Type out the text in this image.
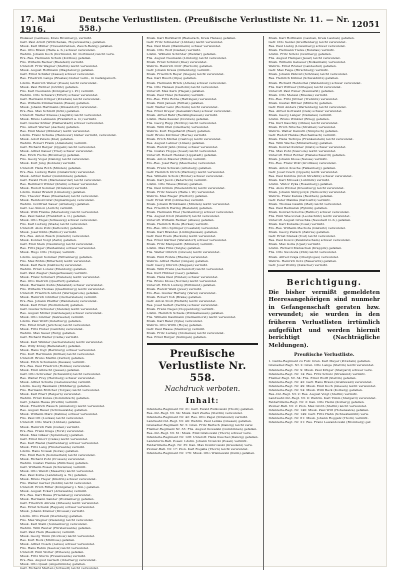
17. Mai 1916.
Deutsche Verlustlisten. (Preußische Verlustliste Nr. 11. — Nr. 558.)	12051
Elsässer (Lenhaus, Kreis Bromberg), vermißt.
Gefr. Paul Arndt (Wittichenau, Hoyerswerda), gefallen.
Musk. Karl Müller (Treuenbrietzen, Zauch-Belzig) gefallen.
Res. Otto Braun (Halle a. S.) schwer verwundet.
Wehrm. Johann Koch (Dortmund, Kr. Dortmund) leicht verw.
Ers.-Res. Hermann Schulz (Kottbus) gefallen.
Füs. Wilhelm Becker (Bielefeld) vermißt.
Unteroff. Fritz Wagner (Stettin) leicht verwundet.
Musk. August Hoffmann (Magdeburg) gefallen.
Gefr. Ernst Schäfer (Kassel) schwer verwundet.
Res. Friedrich Lange (Breslau) bisher verm., in Gefangensch.
Ldstm. Heinrich Weber (Posen) leicht verwundet.
Musk. Paul Richter (Görlitz) gefallen.
Füs. Karl Neumann (Königsberg i. Pr.) vermißt.
Wehrm. Otto Schwarz (Erfurt) schwer verwundet.
Gefr. Hermann Krüger (Potsdam) leicht verwundet.
Res. Wilhelm Zimmermann (Essen) gefallen.
Musk. Johann Hartmann (Düsseldorf) verwundet.
Ers.-Res. Max Schmitt (Köln) gefallen.
Unteroff. Walter Krause (Liegnitz) leicht verwundet.
Musk. Bruno Lehmann (Frankfurt a. O.) vermißt.
Gefr. Gustav Köhler (Halberstadt) schwer verwundet.
Füs. Albert Werner (Aachen) gefallen.
Res. Emil Meier (Münster) leicht verwundet.
Ldstm. Franz Schulze (Hannover) bisher vermißt, verwundet.
Musk. Adolf Peters (Kiel) gefallen.
Wehrm. Robert Frank (Allenstein) vermißt.
Gefr. Richard Berger (Oppeln) leicht verwundet.
Musk. Alfred Kaiser (Trier) schwer verwundet.
Res. Erich Fuchs (Bromberg) gefallen.
Füs. Georg Vogel (Danzig) leicht verwundet.
Musk. Kurt Jung (Koblenz) vermißt.
Unteroff. Hans Roth (Minden) gefallen.
Ers.-Res. Ludwig Hahn (Osnabrück) verwundet.
Musk. Arthur Keller (Gumbinnen) gefallen.
Gefr. Ewald Horn (Marienwerder) leicht verwundet.
Res. Bernhard Winter (Köslin) schwer verwundet.
Musk. Rudolf Sommer (Stralsund) vermißt.
Ldstm. Oskar Brandt (Lüneburg) gefallen.
Füs. Theodor Haas (Wiesbaden) leicht verwundet.
Musk. Reinhold Graf (Sigmaringen) verwundet.
Wehrm. Gottfried Sauer (Arnsberg) gefallen.
Gefr. Leo Simon (Aurich) vermißt.
Musk. Willi Franke (Merseburg) leicht verwundet.
Res. Paul Seidel (Frankfurt a. O.) gefallen.
Musk. Otto Engel (Schleswig) schwer verwundet.
Füs. Karl Ludwig (Stade) leicht verwundet.
Unteroff. Alois Pohl (Kattowitz) gefallen.
Musk. Josef Kühn (Ratibor) vermißt.
Ers.-Res. Anton Busch (Gleiwitz) verwundet.
Musk. Konrad Voigt (Zeitz) gefallen.
Gefr. Emil Stein (Naumburg) leicht verwundet.
Res. Fritz Jäger (Weißenfels) schwer verwundet.
Musk. Hugo Otto (Torgau) vermißt.
Ldstm. August Sommer (Wittenberg) gefallen.
Füs. Max Böhm (Bitterfeld) leicht verwundet.
Musk. Karl Beck (Delitzsch) verwundet.
Wehrm. Ernst Lorenz (Eilenburg) gefallen.
Gefr. Paul Ziegler (Sangerhausen) vermißt.
Musk. Franz Schubert (Eisleben) leicht verwundet.
Res. Otto Dietrich (Querfurt) gefallen.
Musk. Hermann Kuhn (Mansfeld) schwer verwundet.
Füs. Wilhelm Thomas (Quedlinburg) leicht verwundet.
Unteroff. Friedrich Arnold (Wernigerode) gefallen.
Musk. Heinrich Günther (Oschersleben) vermißt.
Ers.-Res. Johann Pfeiffer (Wanzleben) verwundet.
Musk. Karl Ernst (Wolmirstedt) gefallen.
Gefr. Gustav Schuster (Stendal) leicht verwundet.
Res. August Möller (Gardelegen) schwer verwundet.
Musk. Otto Lindner (Salzwedel) vermißt.
Ldstm. Paul Wolff (Osterburg) gefallen.
Füs. Ernst Kraft (Jerichow) leicht verwundet.
Musk. Fritz Huber (Genthin) verwundet.
Wehrm. Max Sauer (Burg) gefallen.
Gefr. Richard Walter (Calbe) vermißt.
Musk. Karl Winkler (Aschersleben) leicht verwundet.
Res. Willy König (Ballenstedt) gefallen.
Musk. Hans Vogt (Bernburg) schwer verwundet.
Füs. Kurt Herrmann (Köthen) leicht verwundet.
Unteroff. Bruno Martin (Zerbst) gefallen.
Musk. Erich Schumann (Dessau) vermißt.
Ers.-Res. Paul Friedrich (Roßlau) verwundet.
Musk. Emil Albrecht (Jessen) gefallen.
Gefr. Otto Schreiber (Schweinitz) leicht verwundet.
Res. Walter Frey (Herzberg) schwer verwundet.
Musk. Alfred Schulte (Liebenwerda) vermißt.
Ldstm. Georg Baumann (Mühlberg) gefallen.
Füs. Hermann Böttcher (Torgau) leicht verwundet.
Musk. Karl Ebert (Belgern) verwundet.
Wehrm. Ernst Kunze (Dommitzsch) gefallen.
Gefr. Johann Hesse (Prettin) vermißt.
Musk. Friedrich Rausch (Annaburg) leicht verwundet.
Res. August Bauer (Schönewalde) gefallen.
Musk. Wilhelm Marx (Dahme) schwer verwundet.
Füs. Paul Ott (Luckau) leicht verwundet.
Unteroff. Otto Stark (Lübben) gefallen.
Musk. Heinrich Falk (Guben) vermißt.
Ers.-Res. Franz Kluge (Forst) verwundet.
Musk. Max Gläser (Spremberg) gefallen.
Gefr. Ernst Knorr (Calau) leicht verwundet.
Res. Karl Riedel (Senftenberg) schwer verwundet.
Musk. Fritz Lang (Finsterwalde) vermißt.
Ldstm. Hans Nowak (Sorau) gefallen.
Füs. Emil Reich (Sommerfeld) leicht verwundet.
Musk. Richard Pohl (Crossen) verwundet.
Wehrm. Gustav Heinze (Züllichau) gefallen.
Gefr. Wilhelm Rosen (Schwiebus) vermißt.
Musk. Otto Wendt (Meseritz) leicht verwundet.
Res. Paul Kolbe (Landsberg a. W.) gefallen.
Musk. Bruno Heyer (Küstrin) schwer verwundet.
Füs. Walter Gerber (Soldin) leicht verwundet.
Unteroff. Erich Ritter (Königsberg i. Nm.) gefallen.
Musk. August Eckert (Arnswalde) vermißt.
Ers.-Res. Karl Busse (Friedeberg) verwundet.
Musk. Hermann Sander (Woldenberg) gefallen.
Gefr. Friedrich Ahrens (Driesen) leicht verwundet.
Res. Ernst Schenk (Reppen) schwer verwundet.
Musk. Johann Kramer (Drossen) vermißt.
Ldstm. Otto Preuß (Sternberg) gefallen.
Füs. Max Wegner (Zielenzig) leicht verwundet.
Musk. Karl Stahl (Sonnenburg) verwundet.
Wehrm. Willi Reuter (Fürstenwalde) gefallen.
Gefr. Paul Hein (Beeskow) vermißt.
Musk. Georg Timm (Storkow) leicht verwundet.
Res. Kurt Bock (Müllrose) gefallen.
Musk. Alfred Noack (Lebus) schwer verwundet.
Füs. Hans Rehm (Seelow) leicht verwundet.
Unteroff. Emil Wolter (Wriezen) gefallen.
Musk. Fritz Sturm (Freienwalde) vermißt.
Ers.-Res. August Gerlach (Oderberg) verwundet.
Musk. Otto Quast (Angermünde) gefallen.
Gefr. Richard Marten (Schwedt) leicht verwundet.
Musk. Karl Burkhardt (Bieberach, Kreis Hanau) gefallen.
Gefr. Fritz Schneider (Lübben) leicht verwundet.
Res. Paul Klein (Mannheim) schwer verwundet.
Musk. Otto Wolf (Gießen) vermißt.
Ldstm. Wilhelm Schröder (Wetzlar) gefallen.
Füs. August Neumann (Limburg) leicht verwundet.
Musk. Ernst Schmid (Diez) verwundet.
Wehrm. Heinrich Dörr (Herborn) gefallen.
Gefr. Johann Kraus (Dillenburg) vermißt.
Musk. Friedrich Beyer (Siegen) leicht verwundet.
Res. Karl Busch (Olpe) gefallen.
Musk. Hermann Brück (Altena) schwer verwundet.
Füs. Otto Hansen (Iserlohn) leicht verwundet.
Unteroff. Max Kern (Hagen) gefallen.
Musk. Paul Thiel (Schwelm) vermißt.
Ers.-Res. Fritz Rothe (Hattingen) verwundet.
Musk. Emil Jansen (Witten) gefallen.
Gefr. Walter Lenz (Bochum) leicht verwundet.
Res. Ernst Dreyer (Gelsenkirchen) schwer verwundet.
Musk. Alfred Bahr (Recklinghausen) vermißt.
Ldstm. Hans Kessler (Dorsten) gefallen.
Füs. Georg Rupp (Bottrop) leicht verwundet.
Musk. Willi Pfeil (Gladbeck) verwundet.
Wehrm. Kurt Engelhardt (Buer) gefallen.
Gefr. Bruno Kirchner (Herne) vermißt.
Musk. Erich Michel (Castrop) leicht verwundet.
Res. August Lehner (Lünen) gefallen.
Musk. Rudolf Jahn (Unna) schwer verwundet.
Füs. Gustav Hoppe (Soest) leicht verwundet.
Unteroff. Robert Henkel (Lippstadt) gefallen.
Musk. Anton Maurer (Brilon) vermißt.
Ers.-Res. Josef Berg (Meschede) verwundet.
Musk. Franz Schwab (Arnsberg) gefallen.
Gefr. Heinrich Ulrich (Warburg) leicht verwundet.
Res. Wilhelm Scholz (Höxter) schwer verwundet.
Musk. Karl Jacob (Paderborn) vermißt.
Ldstm. Otto Wiese (Büren) gefallen.
Füs. Paul Grimm (Wiedenbrück) leicht verwundet.
Musk. Fritz Sievers (Halle i. W.) verwundet.
Wehrm. Max Rieger (Herford) gefallen.
Gefr. Ernst Witt (Lübbecke) vermißt.
Musk. Johann Brinkmann (Minden) leicht verwundet.
Res. Friedrich Hering (Bielefeld) gefallen.
Musk. Hermann Ebel (Tecklenburg) schwer verwundet.
Füs. August Kroll (Steinfurt) leicht verwundet.
Unteroff. Wilhelm Reimer (Ahaus) gefallen.
Musk. Heinrich Bode (Borken) vermißt.
Ers.-Res. Otto Springer (Coesfeld) verwundet.
Musk. Karl Brandes (Lüdinghausen) gefallen.
Gefr. Paul Evers (Beckum) leicht verwundet.
Res. Ernst Gärtner (Warendorf) schwer verwundet.
Musk. Fritz Marquardt (Münster) vermißt.
Ldstm. Max Hinz (Telgte) gefallen.
Füs. Walter Olbrich (Greven) leicht verwundet.
Musk. Emil Rohde (Rheine) verwundet.
Wehrm. Alfred Heller (Lingen) gefallen.
Gefr. Georg Ulbrich (Meppen) vermißt.
Musk. Willi Franz (Aschendorf) leicht verwundet.
Res. Kurt Hübner (Leer) gefallen.
Musk. Hans Paul (Emden) schwer verwundet.
Füs. Bruno Klose (Norden) leicht verwundet.
Unteroff. Erich Ludwig (Wittmund) gefallen.
Musk. Rudolf Weiß (Jever) vermißt.
Ers.-Res. Gustav Hartwig (Varel) verwundet.
Musk. Robert Voß (Brake) gefallen.
Gefr. Anton Stoll (Elsfleth) leicht verwundet.
Res. Josef Seifert (Vechta) schwer verwundet.
Musk. Franz Nagel (Cloppenburg) vermißt.
Ldstm. Heinrich Schade (Wildeshausen) gefallen.
Füs. Wilhelm Kaufmann (Delmenhorst) leicht verwundet.
Musk. Karl Baier (Syke) verwundet.
Wehrm. Otto Wirth (Hoya) gefallen.
Gefr. Paul Haase (Nienburg) vermißt.
Musk. Fritz Ludwig (Stolzenau) leicht verwundet.
Res. Ernst Burger (Sulingen) gefallen.
Preußische Verlustliste Nr. 558.
Nachdruck verboten.
Inhalt:
Infanterie-Regiment Nr. 21: Gefr. Ewald Rutkowski (Thorn) gefallen.
Res.-Inf.-Regt. Nr. 34: Musk. Karl Zierke (Stettin) verwundet.
Infanterie-Regiment Nr. 42: Res. Otto Pagel (Stralsund) vermißt.
Landwehr-Inf.-Regt. Nr. 49: Wehrm. Paul Lemke (Gnesen) gefallen.
Grenadier-Regiment Nr. 5: Gren. Fritz Bartsch (Danzig) leicht verw.
Füsilier-Regiment Nr. 33: Füs. August Kowalski (Gumbinnen) gefallen.
Res.-Inf.-Regt. Nr. 61: Musk. Emil Grabowski (Thorn) schwer verw.
Infanterie-Regiment Nr. 128: Unteroff. Hans Kuschel (Danzig) gefallen.
Landsturm-Batl. Posen: Ldstm. Johann Nowicki (Posen) vermißt.
Feldartillerie-Regt. Nr. 35: Kan. Max Dombrowski (Graudenz) verw.
Pionier-Batl. Nr. 17: Pion. Karl Rogalla (Thorn) leicht verwundet.
Infanterie-Regiment Nr. 176: Musk. Otto Wisniewski (Kulm) gefallen.
Musk. Karl Hoffmann (Lauban, Kreis Lauban) gefallen.
Gefr. Otto Seidel (Greiffenberg) leicht verwundet.
Res. Paul Liebig (Löwenberg) schwer verwundet.
Musk. Hermann Tietze (Bunzlau) vermißt.
Ldstm. Fritz Scholz (Goldberg) gefallen.
Füs. August Hampel (Jauer) leicht verwundet.
Musk. Wilhelm Gebauer (Bolkenhain) verwundet.
Wehrm. Ernst Rösner (Landeshut) gefallen.
Gefr. Max Feige (Hirschberg) vermißt.
Musk. Johann Pätzold (Schönau) leicht verwundet.
Res. Heinrich Kühnel (Schweidnitz) gefallen.
Musk. Richard Hentschel (Waldenburg) schwer verwundet.
Füs. Karl Wittwer (Striegau) leicht verwundet.
Unteroff. Paul Exner (Neumarkt) gefallen.
Musk. Otto Menzel (Breslau) vermißt.
Ers.-Res. Fritz Jüttner (Trebnitz) verwundet.
Musk. Gustav Bittner (Militsch) gefallen.
Gefr. Emil Anders (Wartenberg) leicht verwundet.
Res. Alfred Gottwald (Oels) schwer verwundet.
Musk. Georg Langer (Namslau) vermißt.
Ldstm. Bruno Winkler (Brieg) gefallen.
Füs. Kurt Kaschny (Ohlau) leicht verwundet.
Musk. Erich Nitsche (Strehlen) verwundet.
Wehrm. Walter Demuth (Nimptsch) gefallen.
Gefr. Rudolf Hanke (Reichenbach) vermißt.
Musk. Hans Tschöpe (Frankenstein) leicht verwundet.
Res. Willi Wache (Münsterberg) gefallen.
Musk. Konrad Kutzner (Glatz) schwer verwundet.
Füs. Max Pohl (Neurode) leicht verwundet.
Unteroff. Ernst Rother (Habelschwerdt) gefallen.
Musk. Johann Klose (Neisse) vermißt.
Ers.-Res. Franz Wolf (Grottkau) verwundet.
Musk. Anton Kosche (Falkenberg) gefallen.
Gefr. Josef Czech (Oppeln) leicht verwundet.
Res. Paul Kubitza (Groß Strehlitz) schwer verwundet.
Musk. Karl Mrosek (Lublinitz) vermißt.
Ldstm. Viktor Pyka (Rosenberg) gefallen.
Füs. Alois Wrobel (Kreuzburg) leicht verwundet.
Musk. Johann Skrzypczyk (Tarnowitz) verwundet.
Wehrm. Franz Kaluza (Beuthen) gefallen.
Gefr. Peter Mainka (Kattowitz) vermißt.
Musk. Thomas Gawlik (Pleß) leicht verwundet.
Res. Paul Bednarek (Rybnik) gefallen.
Musk. Konrad Sobotta (Ratibor) schwer verwundet.
Füs. Emil Wieczorek (Leobschütz) leicht verwundet.
Unteroff. August Gruschka (Neustadt O.-S.) gefallen.
Musk. Karl Kuballa (Cosel) vermißt.
Ers.-Res. Wilhelm Piechota (Gleiwitz) verwundet.
Musk. Georg Pietsch (Zabrze) gefallen.
Gefr. Ernst Stanek (Tost) leicht verwundet.
Res. Paul Kowol (Peiskretscham) schwer verwundet.
Musk. Max Golla (Ujest) vermißt.
Ldstm. Richard Matuschek (Krappitz) gefallen.
Füs. Otto Swoboda (Zülz) leicht verwundet.
Musk. Alfred Czaja (Oberglogau) verwundet.
Wehrm. Heinrich Kotz (Bauerwitz) gefallen.
Gefr. Josef Wollny (Katscher) vermißt.
Berichtigung.
Die bisher vermißt gemeldeten Heeresangehörigen sind nunmehr in Gefangenschaft geraten bzw. verwundet; sie wurden in den früheren Verlustlisten irrtümlich aufgeführt und werden hiermit berichtigt (Nachträgliche Meldungen).
Preußische Verlustliste.
1. Garde-Regiment zu Fuß: Gren. Karl Meyer (Potsdam) gefallen.
Grenadier-Regt. Nr. 2: Gren. Otto Lange (Stettin) leicht verwundet.
Infanterie-Regt. Nr. 9: Musk. Paul Krüger (Stargard) schwer verw.
Infanterie-Regt. Nr. 14: Res. Fritz Schulz (Stralsund) vermißt.
Füsilier-Regt. Nr. 34: Füs. Ernst Wolff (Stettin) gefallen.
Infanterie-Regt. Nr. 42: Gefr. Hans Braun (Greifswald) verwundet.
Infanterie-Regt. Nr. 49: Musk. Emil Koch (Gnesen) leicht verwundet.
Infanterie-Regt. Nr. 54: Musk. Willi Beck (Kolberg) gefallen.
Res.-Inf.-Regt. Nr. 2: Res. August Voigt (Stettin) vermißt.
Landwehr-Inf.-Regt. Nr. 9: Wehrm. Karl Timm (Stargard) verwundet.
Feldartillerie-Regt. Nr. 2: Kan. Otto Heinz (Kolberg) gefallen.
Pionier-Batl. Nr. 2: Pion. Max Groth (Stettin) leicht verwundet.
Infanterie-Regt. Nr. 140: Musk. Paul Witt (Hohensalza) gefallen.
Infanterie-Regt. Nr. 149: Gefr. Fritz Hahn (Schneidemühl) verw.
Infanterie-Regt. Nr. 61: Musk. Johann Roggatz (Thorn) vermißt.
Infanterie-Regt. Nr. 21: Res. Franz Lewandowski (Bromberg) gef.
